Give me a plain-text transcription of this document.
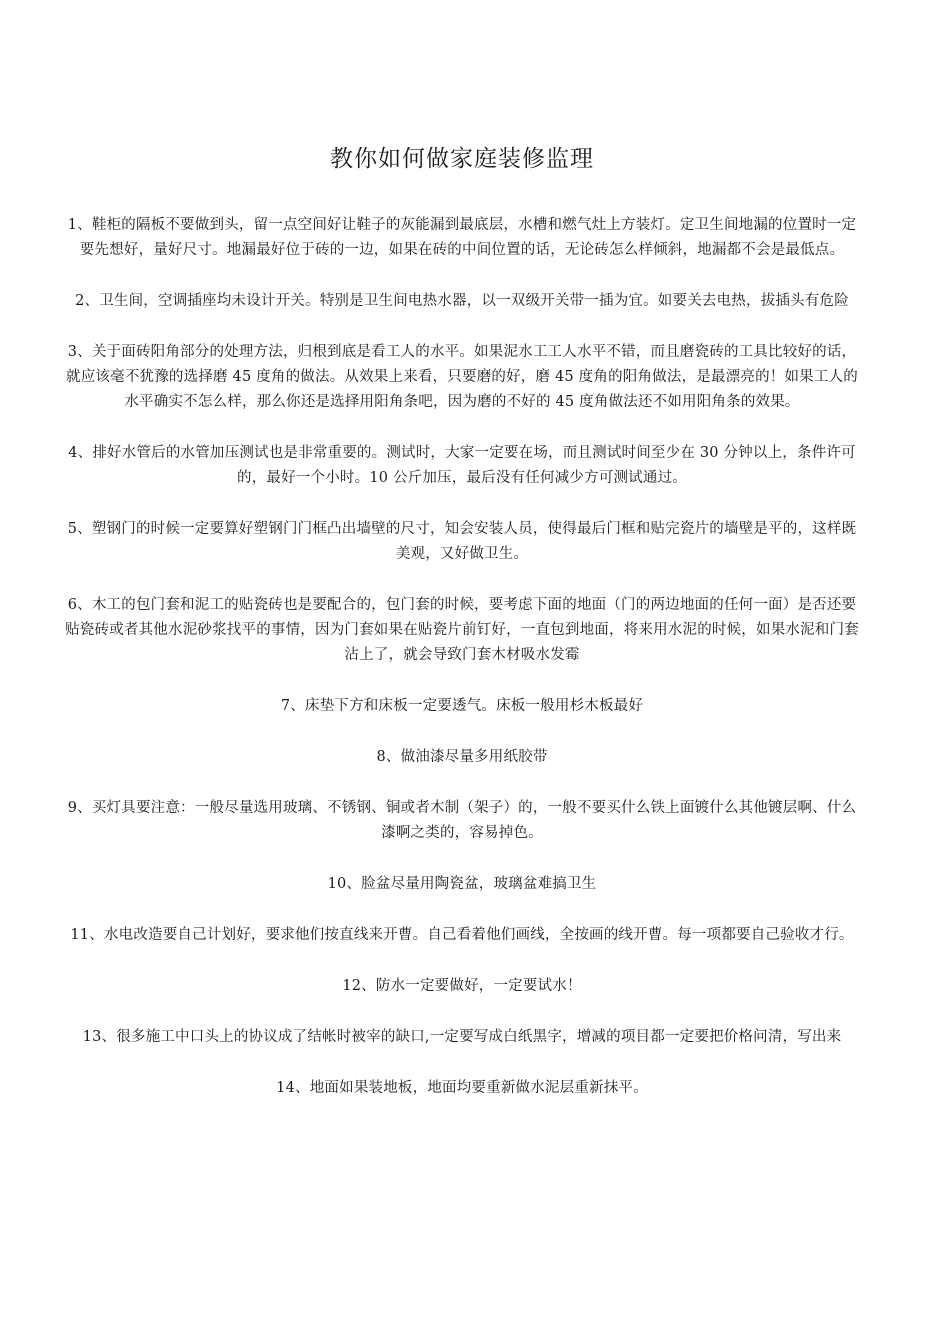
教你如何做家庭装修监理

1、鞋柜的隔板不要做到头，留一点空间好让鞋子的灰能漏到最底层，水槽和燃气灶上方装灯。定卫生间地漏的位置时一定要先想好，量好尺寸。地漏最好位于砖的一边，如果在砖的中间位置的话，无论砖怎么样倾斜，地漏都不会是最低点。

2、卫生间，空调插座均未设计开关。特别是卫生间电热水器，以一双级开关带一插为宜。如要关去电热，拔插头有危险

3、关于面砖阳角部分的处理方法，归根到底是看工人的水平。如果泥水工工人水平不错，而且磨瓷砖的工具比较好的话，就应该毫不犹豫的选择磨 45 度角的做法。从效果上来看，只要磨的好，磨 45 度角的阳角做法，是最漂亮的！如果工人的水平确实不怎么样，那么你还是选择用阳角条吧，因为磨的不好的 45 度角做法还不如用阳角条的效果。

4、排好水管后的水管加压测试也是非常重要的。测试时，大家一定要在场，而且测试时间至少在 30 分钟以上，条件许可的，最好一个小时。10 公斤加压，最后没有任何减少方可测试通过。

5、塑钢门的时候一定要算好塑钢门门框凸出墙壁的尺寸，知会安装人员，使得最后门框和贴完瓷片的墙壁是平的，这样既美观，又好做卫生。

6、木工的包门套和泥工的贴瓷砖也是要配合的，包门套的时候，要考虑下面的地面（门的两边地面的任何一面）是否还要贴瓷砖或者其他水泥砂浆找平的事情，因为门套如果在贴瓷片前钉好，一直包到地面，将来用水泥的时候，如果水泥和门套沾上了，就会导致门套木材吸水发霉

7、床垫下方和床板一定要透气。床板一般用杉木板最好

8、做油漆尽量多用纸胶带

9、买灯具要注意：一般尽量选用玻璃、不锈钢、铜或者木制（架子）的，一般不要买什么铁上面镀什么其他镀层啊、什么漆啊之类的，容易掉色。

10、脸盆尽量用陶瓷盆，玻璃盆难搞卫生

11、水电改造要自己计划好，要求他们按直线来开曹。自己看着他们画线，全按画的线开曹。每一项都要自己验收才行。

12、防水一定要做好，一定要试水！

13、很多施工中口头上的协议成了结帐时被宰的缺口,一定要写成白纸黑字，增减的项目都一定要把价格问清，写出来

14、地面如果装地板，地面均要重新做水泥层重新抹平。
